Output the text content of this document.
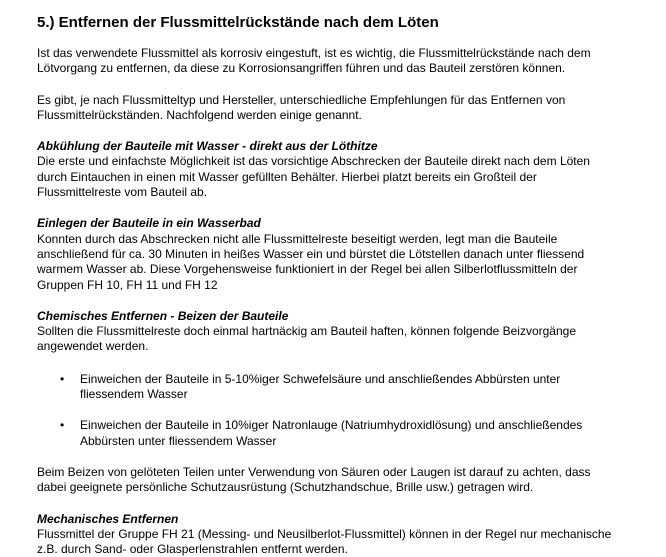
5.) Entfernen der Flussmittelrückstände nach dem Löten

Ist das verwendete Flussmittel als korrosiv eingestuft, ist es wichtig, die Flussmittelrückstände nach dem

Lötvorgang zu entfernen, da diese zu Korrosionsangriffen führen und das Bauteil zerstören können.

Es gibt, je nach Flussmitteltyp und Hersteller, unterschiedliche Empfehlungen für das Entfernen von

Flussmittelrückständen. Nachfolgend werden einige genannt.

Abkühlung der Bauteile mit Wasser - direkt aus der Löthitze

Die erste und einfachste Möglichkeit ist das vorsichtige Abschrecken der Bauteile direkt nach dem Löten

durch Eintauchen in einen mit Wasser gefüllten Behälter. Hierbei platzt bereits ein Großteil der

Flussmittelreste vom Bauteil ab.

Einlegen der Bauteile in ein Wasserbad

Konnten durch das Abschrecken nicht alle Flussmittelreste beseitigt werden, legt man die Bauteile

anschließend für ca. 30 Minuten in heißes Wasser ein und bürstet die Lötstellen danach unter fliessend

warmem Wasser ab. Diese Vorgehensweise funktioniert in der Regel bei allen Silberlotflussmitteln der

Gruppen FH 10, FH 11 und FH 12

Chemisches Entfernen - Beizen der Bauteile

Sollten die Flussmittelreste doch einmal hartnäckig am Bauteil haften, können folgende Beizvorgänge

angewendet werden.

• Einweichen der Bauteile in 5-10%iger Schwefelsäure und anschließendes Abbürsten unter
fliessendem Wasser
• Einweichen der Bauteile in 10%iger Natronlauge (Natriumhydroxidlösung) und anschließendes
Abbürsten unter fliessendem Wasser

Beim Beizen von gelöteten Teilen unter Verwendung von Säuren oder Laugen ist darauf zu achten, dass

dabei geeignete persönliche Schutzausrüstung (Schutzhandschue, Brille usw.) getragen wird.

Mechanisches Entfernen

Flussmittel der Gruppe FH 21 (Messing- und Neusilberlot-Flussmittel) können in der Regel nur mechanische

z.B. durch Sand- oder Glasperlenstrahlen entfernt werden.
